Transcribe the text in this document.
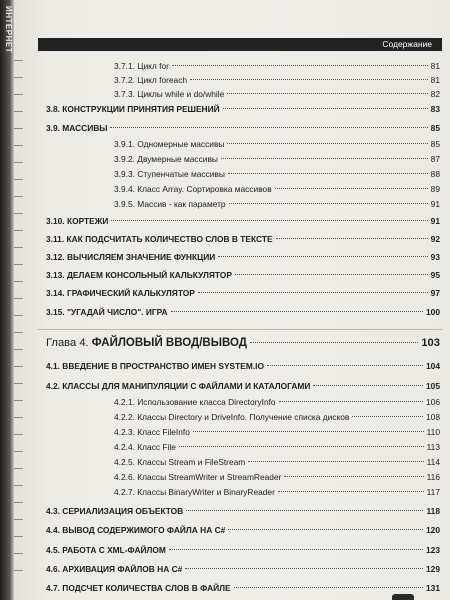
ИНТЕРНЕТ	Содержание
3.7.1. Цикл for	81
3.7.2. Цикл foreach	81
3.7.3. Циклы while и do/while	82
3.8. КОНСТРУКЦИИ ПРИНЯТИЯ РЕШЕНИЙ	83
3.9. МАССИВЫ	85
3.9.1. Одномерные массивы	85
3.9.2. Двумерные массивы	87
3.9.3. Ступенчатые массивы	88
3.9.4. Класс Array. Сортировка массивов	89
3.9.5. Массив - как параметр	91
3.10. КОРТЕЖИ	91
3.11. КАК ПОДСЧИТАТЬ КОЛИЧЕСТВО СЛОВ В ТЕКСТЕ	92
3.12. ВЫЧИСЛЯЕМ ЗНАЧЕНИЕ ФУНКЦИИ	93
3.13. ДЕЛАЕМ КОНСОЛЬНЫЙ КАЛЬКУЛЯТОР	95
3.14. ГРАФИЧЕСКИЙ КАЛЬКУЛЯТОР	97
3.15. "УГАДАЙ ЧИСЛО". ИГРА	100
Глава 4. ФАЙЛОВЫЙ ВВОД/ВЫВОД	103
4.1. ВВЕДЕНИЕ В ПРОСТРАНСТВО ИМЕН SYSTEM.IO	104
4.2. КЛАССЫ ДЛЯ МАНИПУЛЯЦИИ С ФАЙЛАМИ И КАТАЛОГАМИ	105
4.2.1. Использование класса DirectoryInfo	106
4.2.2. Классы Directory и DriveInfo. Получение списка дисков	108
4.2.3. Класс FileInfo	110
4.2.4. Класс File	113
4.2.5. Классы Stream и FileStream	114
4.2.6. Классы StreamWriter и StreamReader	116
4.2.7. Классы BinaryWriter и BinaryReader	117
4.3. СЕРИАЛИЗАЦИЯ ОБЪЕКТОВ	118
4.4. ВЫВОД СОДЕРЖИМОГО ФАЙЛА НА C#	120
4.5. РАБОТА С XML-ФАЙЛОМ	123
4.6. АРХИВАЦИЯ ФАЙЛОВ НА C#	129
4.7. ПОДСЧЕТ КОЛИЧЕСТВА СЛОВ В ФАЙЛЕ	131
